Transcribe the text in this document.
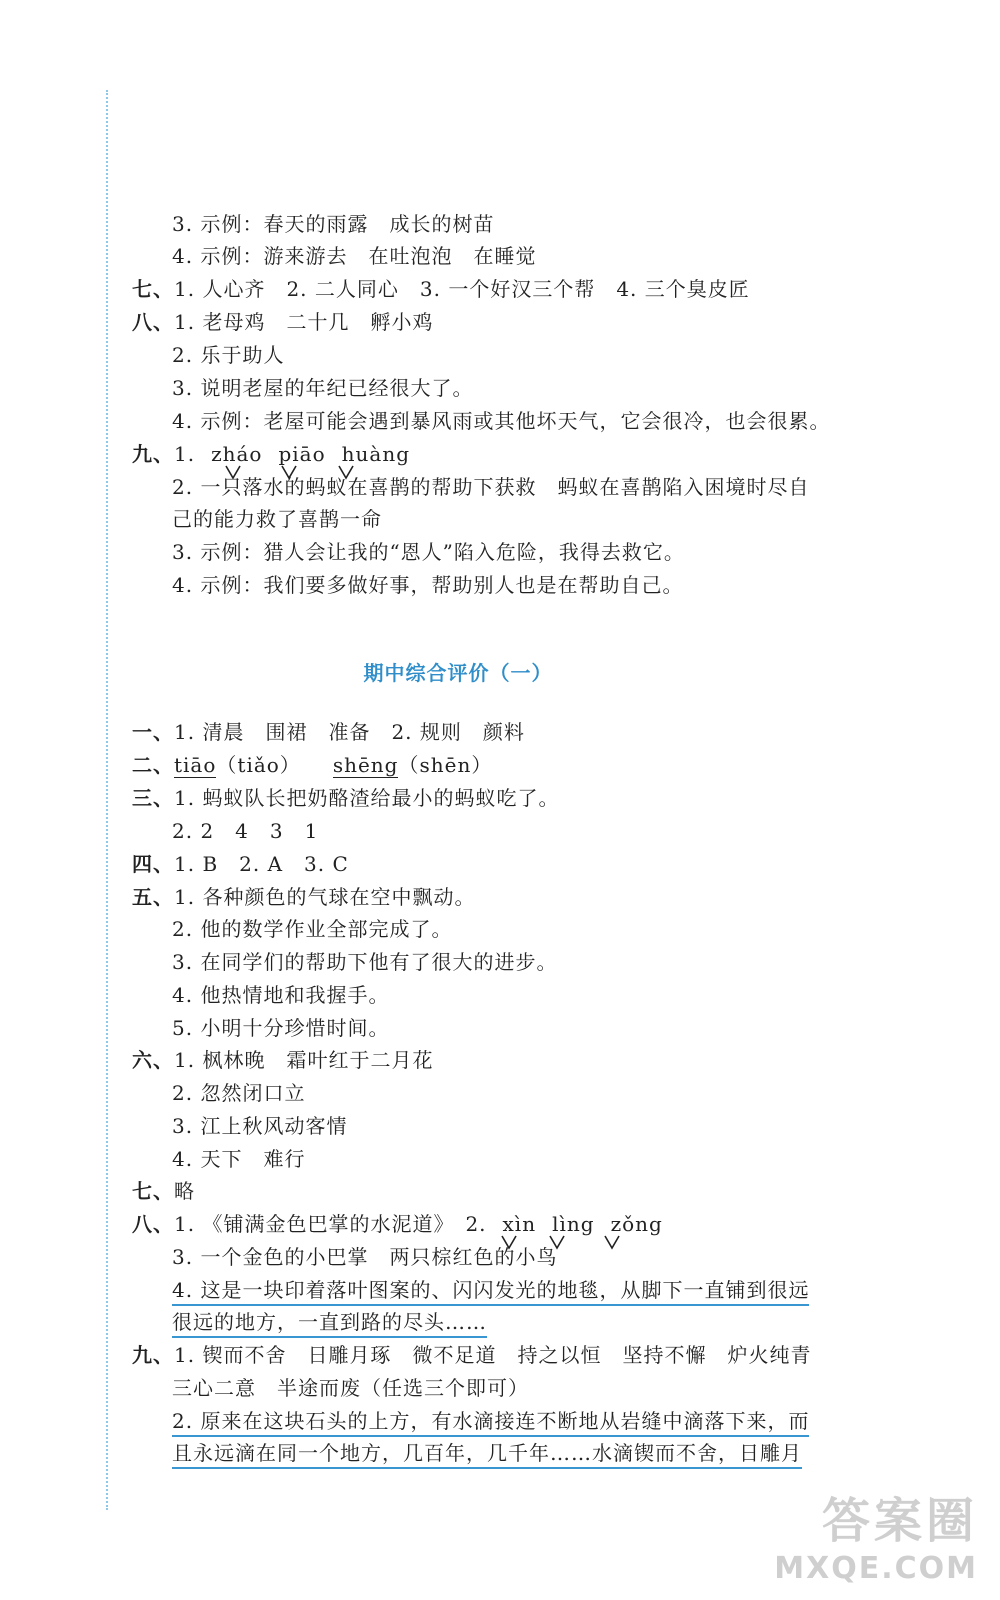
3. 示例：春天的雨露　成长的树苗
4. 示例：游来游去　在吐泡泡　在睡觉
七、1. 人心齐　2. 二人同心　3. 一个好汉三个帮　4. 三个臭皮匠
八、1. 老母鸡　二十几　孵小鸡
2. 乐于助人
3. 说明老屋的年纪已经很大了。
4. 示例：老屋可能会遇到暴风雨或其他坏天气，它会很冷，也会很累。
九、1. zháo piāo huàng
2. 一只落水的蚂蚁在喜鹊的帮助下获救　蚂蚁在喜鹊陷入困境时尽自
己的能力救了喜鹊一命
3. 示例：猎人会让我的“恩人”陷入危险，我得去救它。
4. 示例：我们要多做好事，帮助别人也是在帮助自己。
期中综合评价（一）
一、1. 清晨　围裙　准备　2. 规则　颜料
二、tiāo（tiǎo） shēng（shēn）
三、1. 蚂蚁队长把奶酪渣给最小的蚂蚁吃了。
2. 2　4　3　1
四、1. B　2. A　3. C
五、1. 各种颜色的气球在空中飘动。
2. 他的数学作业全部完成了。
3. 在同学们的帮助下他有了很大的进步。
4. 他热情地和我握手。
5. 小明十分珍惜时间。
六、1. 枫林晚　霜叶红于二月花
2. 忽然闭口立
3. 江上秋风动客情
4. 天下　难行
七、略
八、1. 《铺满金色巴掌的水泥道》　2. xìn lìng zǒng
3. 一个金色的小巴掌　两只棕红色的小鸟
4. 这是一块印着落叶图案的、闪闪发光的地毯，从脚下一直铺到很远
很远的地方，一直到路的尽头……
九、1. 锲而不舍　日雕月琢　微不足道　持之以恒　坚持不懈　炉火纯青
三心二意　半途而废（任选三个即可）
2. 原来在这块石头的上方，有水滴接连不断地从岩缝中滴落下来，而
且永远滴在同一个地方，几百年，几千年……水滴锲而不舍，日雕月
答案圈
MXQE.COM
